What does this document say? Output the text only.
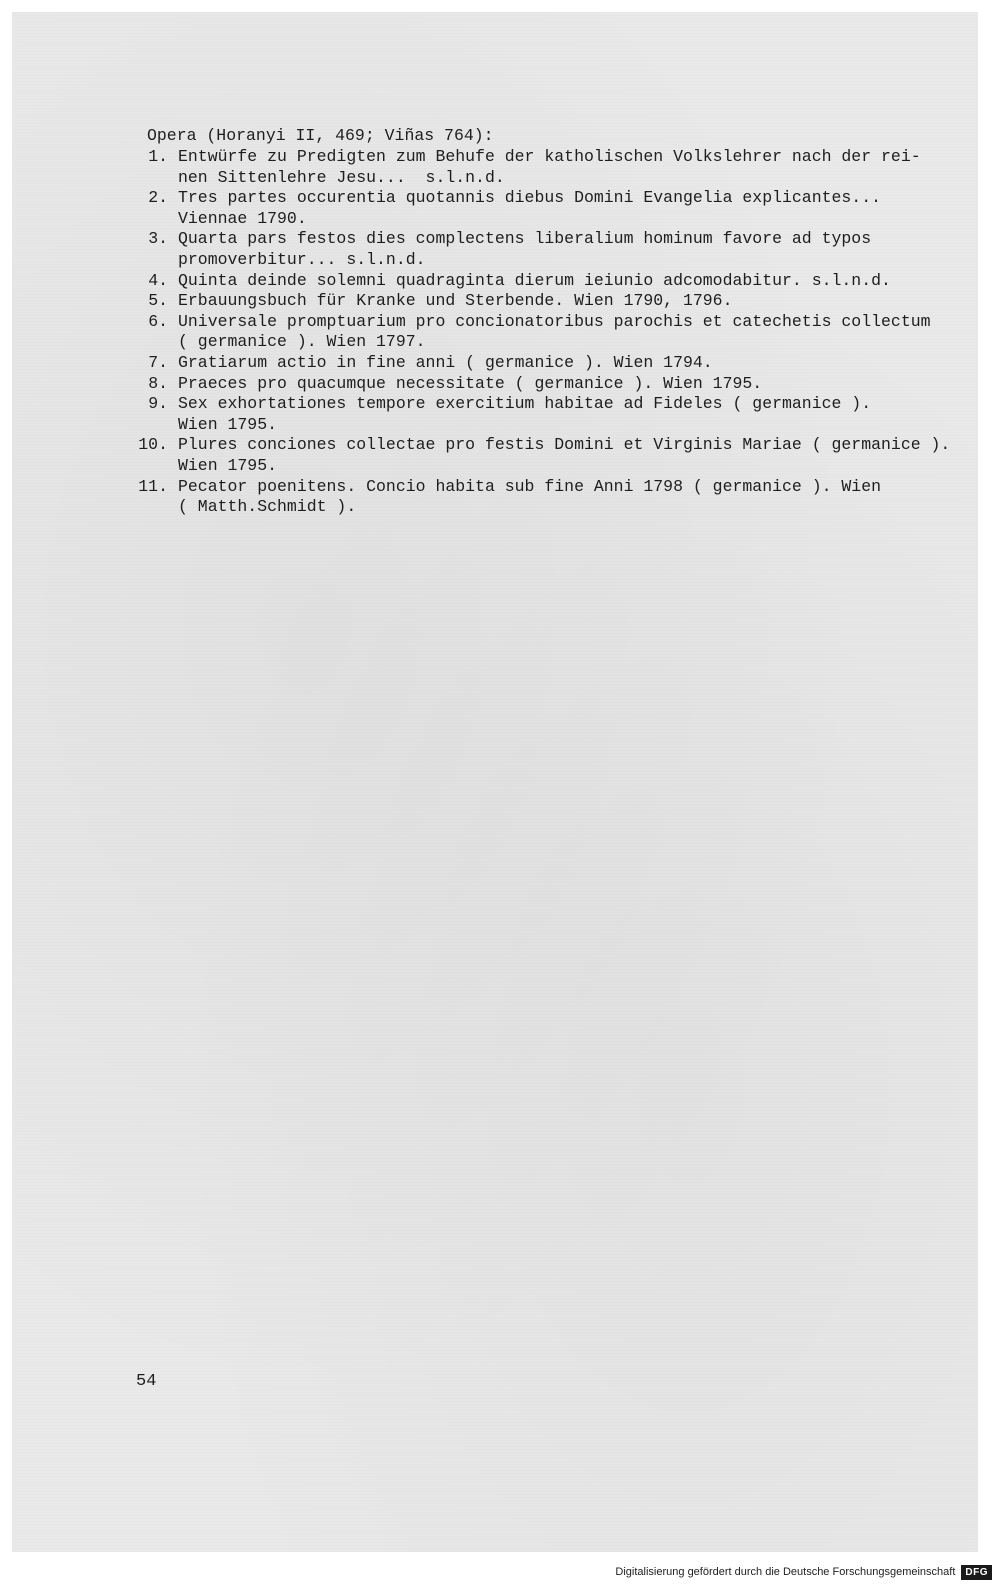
Opera (Horanyi II, 469; Viñas 764):

1. Entwürfe zu Predigten zum Behufe der katholischen Volkslehrer nach der rei-
nen Sittenlehre Jesu...  s.l.n.d.
2. Tres partes occurentia quotannis diebus Domini Evangelia explicantes...
Viennae 1790.
3. Quarta pars festos dies complectens liberalium hominum favore ad typos
promoverbitur... s.l.n.d.
4. Quinta deinde solemni quadraginta dierum ieiunio adcomodabitur. s.l.n.d.
5. Erbauungsbuch für Kranke und Sterbende. Wien 1790, 1796.
6. Universale promptuarium pro concionatoribus parochis et catechetis collectum
( germanice ). Wien 1797.
7. Gratiarum actio in fine anni ( germanice ). Wien 1794.
8. Praeces pro quacumque necessitate ( germanice ). Wien 1795.
9. Sex exhortationes tempore exercitium habitae ad Fideles ( germanice ).
Wien 1795.
10. Plures conciones collectae pro festis Domini et Virginis Mariae ( germanice ).
Wien 1795.
11. Pecator poenitens. Concio habita sub fine Anni 1798 ( germanice ). Wien
( Matth.Schmidt ).
54
Digitalisierung gefördert durch die Deutsche Forschungsgemeinschaft	DFG
